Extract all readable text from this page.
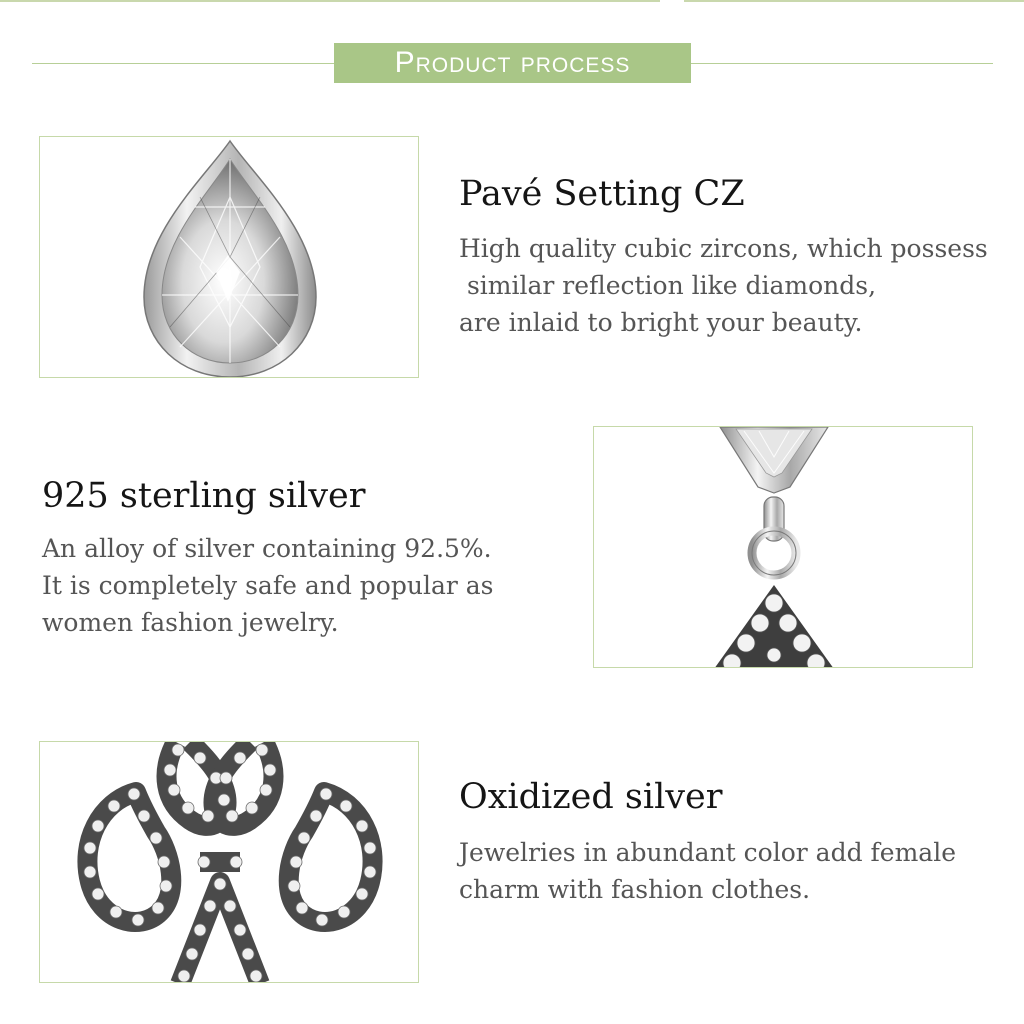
Product process
Pavé Setting CZ
High quality cubic zircons, which possess
similar reflection like diamonds,
are inlaid to bright your beauty.
925 sterling silver
An alloy of silver containing 92.5%.
It is completely safe and popular as
women fashion jewelry.
Oxidized silver
Jewelries in abundant color add female
charm with fashion clothes.
